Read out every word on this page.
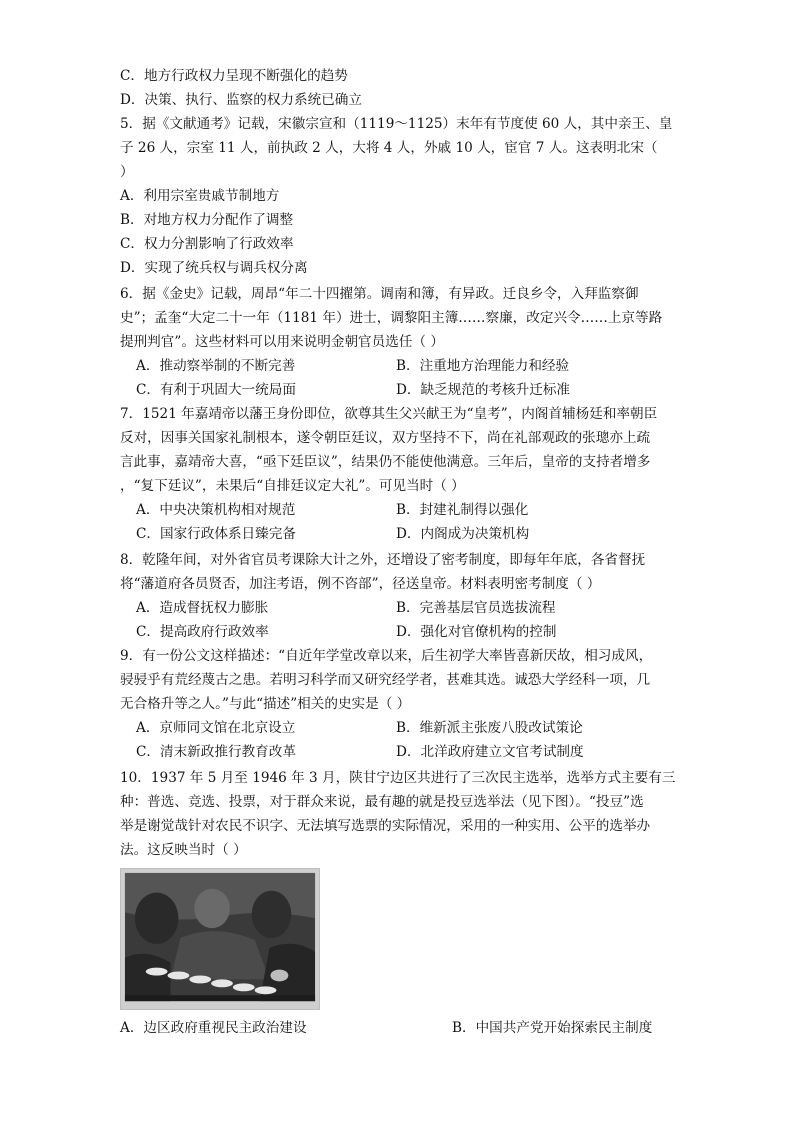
C．地方行政权力呈现不断强化的趋势
D．决策、执行、监察的权力系统已确立
5．据《文献通考》记载，宋徽宗宣和（1119～1125）末年有节度使 60 人，其中亲王、皇
子 26 人，宗室 11 人，前执政 2 人，大将 4 人，外戚 10 人，宦官 7 人。这表明北宋（
）
A．利用宗室贵戚节制地方
B．对地方权力分配作了调整
C．权力分割影响了行政效率
D．实现了统兵权与调兵权分离
6．据《金史》记载，周昂“年二十四擢第。调南和簿，有异政。迁良乡令，入拜监察御
史”；孟奎“大定二十一年（1181 年）进士，调黎阳主簿……察廉，改定兴令……上京等路
提刑判官”。这些材料可以用来说明金朝官员选任（ ）
A．推动察举制的不断完善	B．注重地方治理能力和经验
C．有利于巩固大一统局面	D．缺乏规范的考核升迁标准
7．1521 年嘉靖帝以藩王身份即位，欲尊其生父兴献王为“皇考”，内阁首辅杨廷和率朝臣
反对，因事关国家礼制根本，遂令朝臣廷议，双方坚持不下，尚在礼部观政的张璁亦上疏
言此事，嘉靖帝大喜，“亟下廷臣议”，结果仍不能使他满意。三年后，皇帝的支持者增多
，“复下廷议”，未果后“自排廷议定大礼”。可见当时（ ）
A．中央决策机构相对规范	B．封建礼制得以强化
C．国家行政体系日臻完备	D．内阁成为决策机构
8．乾隆年间，对外省官员考课除大计之外，还增设了密考制度，即每年年底，各省督抚
将“藩道府各员贤否，加注考语，例不咨部”，径送皇帝。材料表明密考制度（ ）
A．造成督抚权力膨胀	B．完善基层官员选拔流程
C．提高政府行政效率	D．强化对官僚机构的控制
9．有一份公文这样描述：“自近年学堂改章以来，后生初学大率皆喜新厌故，相习成风，
骎骎乎有荒经蔑古之患。若明习科学而又研究经学者，甚难其选。诚恐大学经科一项，几
无合格升等之人。”与此“描述”相关的史实是（ ）
A．京师同文馆在北京设立	B．维新派主张废八股改试策论
C．清末新政推行教育改革	D．北洋政府建立文官考试制度
10．1937 年 5 月至 1946 年 3 月，陕甘宁边区共进行了三次民主选举，选举方式主要有三
种：普选、竞选、投票，对于群众来说，最有趣的就是投豆选举法（见下图）。“投豆”选
举是谢觉哉针对农民不识字、无法填写选票的实际情况，采用的一种实用、公平的选举办
法。这反映当时（ ）
A．边区政府重视民主政治建设	B．中国共产党开始探索民主制度
